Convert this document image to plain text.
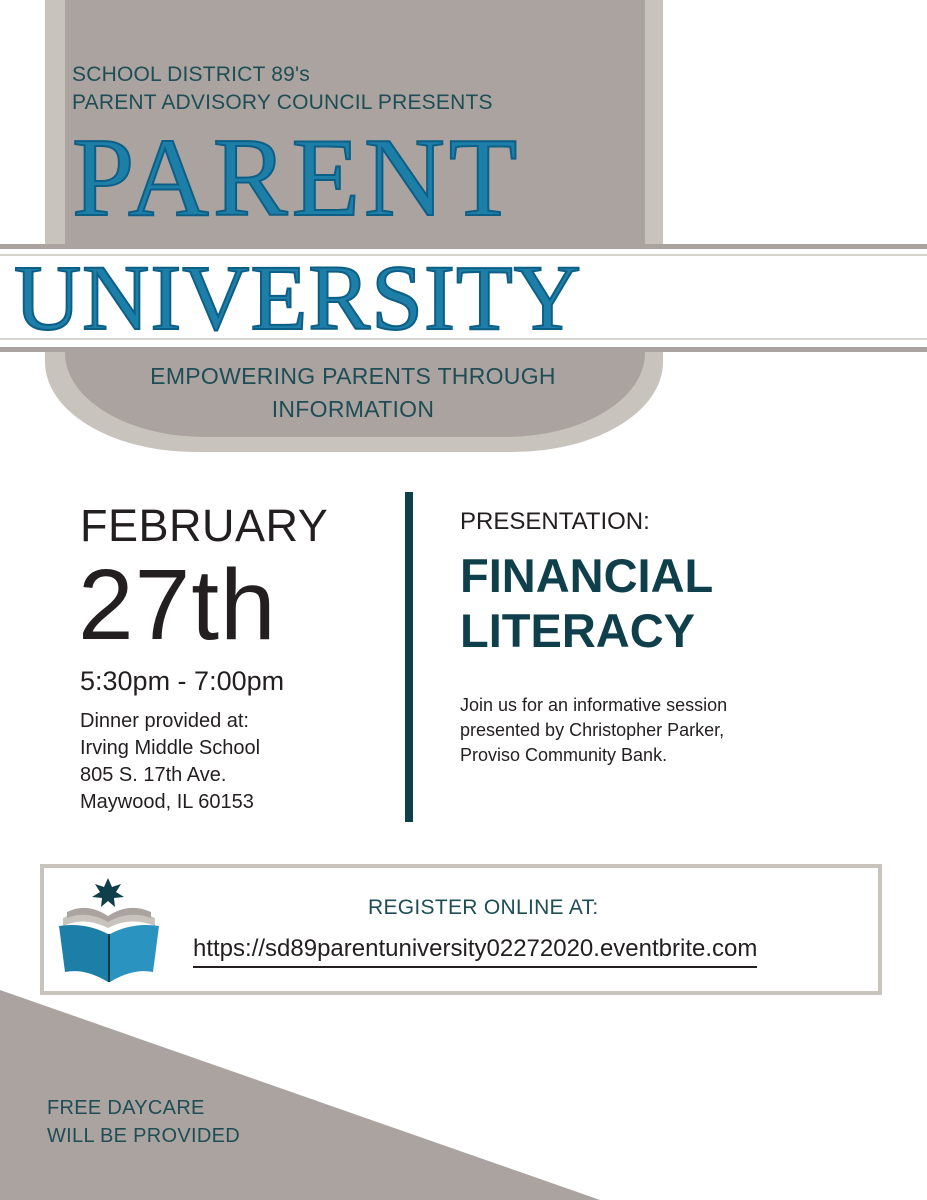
SCHOOL DISTRICT 89's
PARENT ADVISORY COUNCIL PRESENTS
PARENT
UNIVERSITY
EMPOWERING PARENTS THROUGH
INFORMATION
FEBRUARY
27th
5:30pm - 7:00pm
Dinner provided at:
Irving Middle School
805 S. 17th Ave.
Maywood, IL 60153
PRESENTATION:
FINANCIAL
LITERACY
Join us for an informative session
presented by Christopher Parker,
Proviso Community Bank.
REGISTER ONLINE AT:
https://sd89parentuniversity02272020.eventbrite.com
FREE DAYCARE
WILL BE PROVIDED
